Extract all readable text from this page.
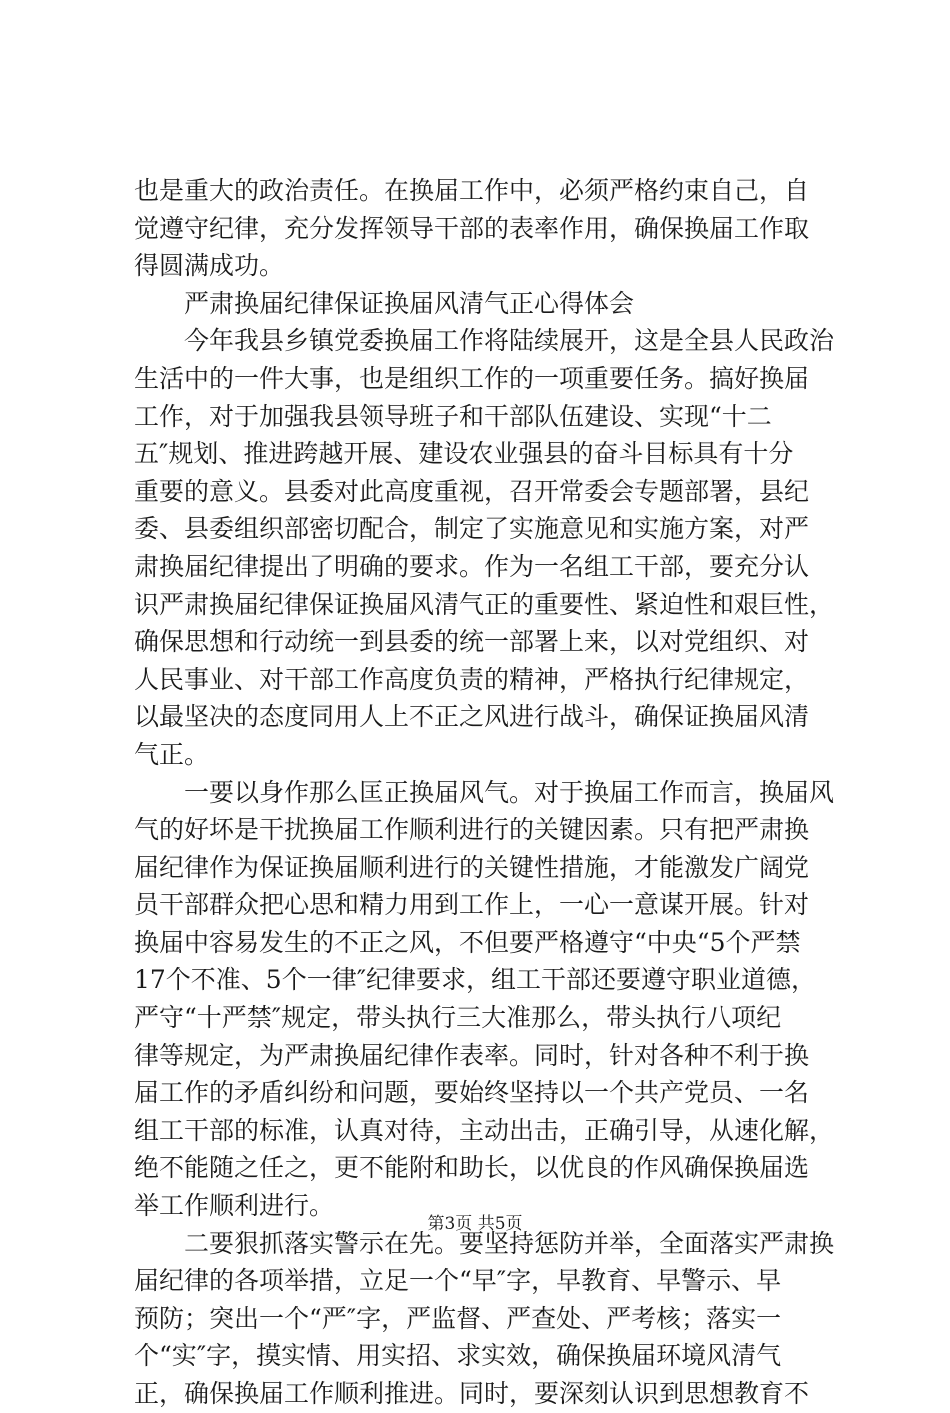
也是重大的政治责任。在换届工作中，必须严格约束自己，自
觉遵守纪律，充分发挥领导干部的表率作用，确保换届工作取
得圆满成功。
严肃换届纪律保证换届风清气正心得体会
今年我县乡镇党委换届工作将陆续展开，这是全县人民政治
生活中的一件大事，也是组织工作的一项重要任务。搞好换届
工作，对于加强我县领导班子和干部队伍建设、实现“十二
五″规划、推进跨越开展、建设农业强县的奋斗目标具有十分
重要的意义。县委对此高度重视，召开常委会专题部署，县纪
委、县委组织部密切配合，制定了实施意见和实施方案，对严
肃换届纪律提出了明确的要求。作为一名组工干部，要充分认
识严肃换届纪律保证换届风清气正的重要性、紧迫性和艰巨性，
确保思想和行动统一到县委的统一部署上来，以对党组织、对
人民事业、对干部工作高度负责的精神，严格执行纪律规定，
以最坚决的态度同用人上不正之风进行战斗，确保证换届风清
气正。
一要以身作那么匡正换届风气。对于换届工作而言，换届风
气的好坏是干扰换届工作顺利进行的关键因素。只有把严肃换
届纪律作为保证换届顺利进行的关键性措施，才能激发广阔党
员干部群众把心思和精力用到工作上，一心一意谋开展。针对
换届中容易发生的不正之风，不但要严格遵守“中央“5个严禁
17个不准、5个一律″纪律要求，组工干部还要遵守职业道德，
严守“十严禁″规定，带头执行三大准那么，带头执行八项纪
律等规定，为严肃换届纪律作表率。同时，针对各种不利于换
届工作的矛盾纠纷和问题，要始终坚持以一个共产党员、一名
组工干部的标准，认真对待，主动出击，正确引导，从速化解，
绝不能随之任之，更不能附和助长，以优良的作风确保换届选
举工作顺利进行。
二要狠抓落实警示在先。要坚持惩防并举，全面落实严肃换
届纪律的各项举措，立足一个“早″字，早教育、早警示、早
预防；突出一个“严″字，严监督、严查处、严考核；落实一
个“实″字，摸实情、用实招、求实效，确保换届环境风清气
正，确保换届工作顺利推进。同时，要深刻认识到思想教育不
第3页 共5页
